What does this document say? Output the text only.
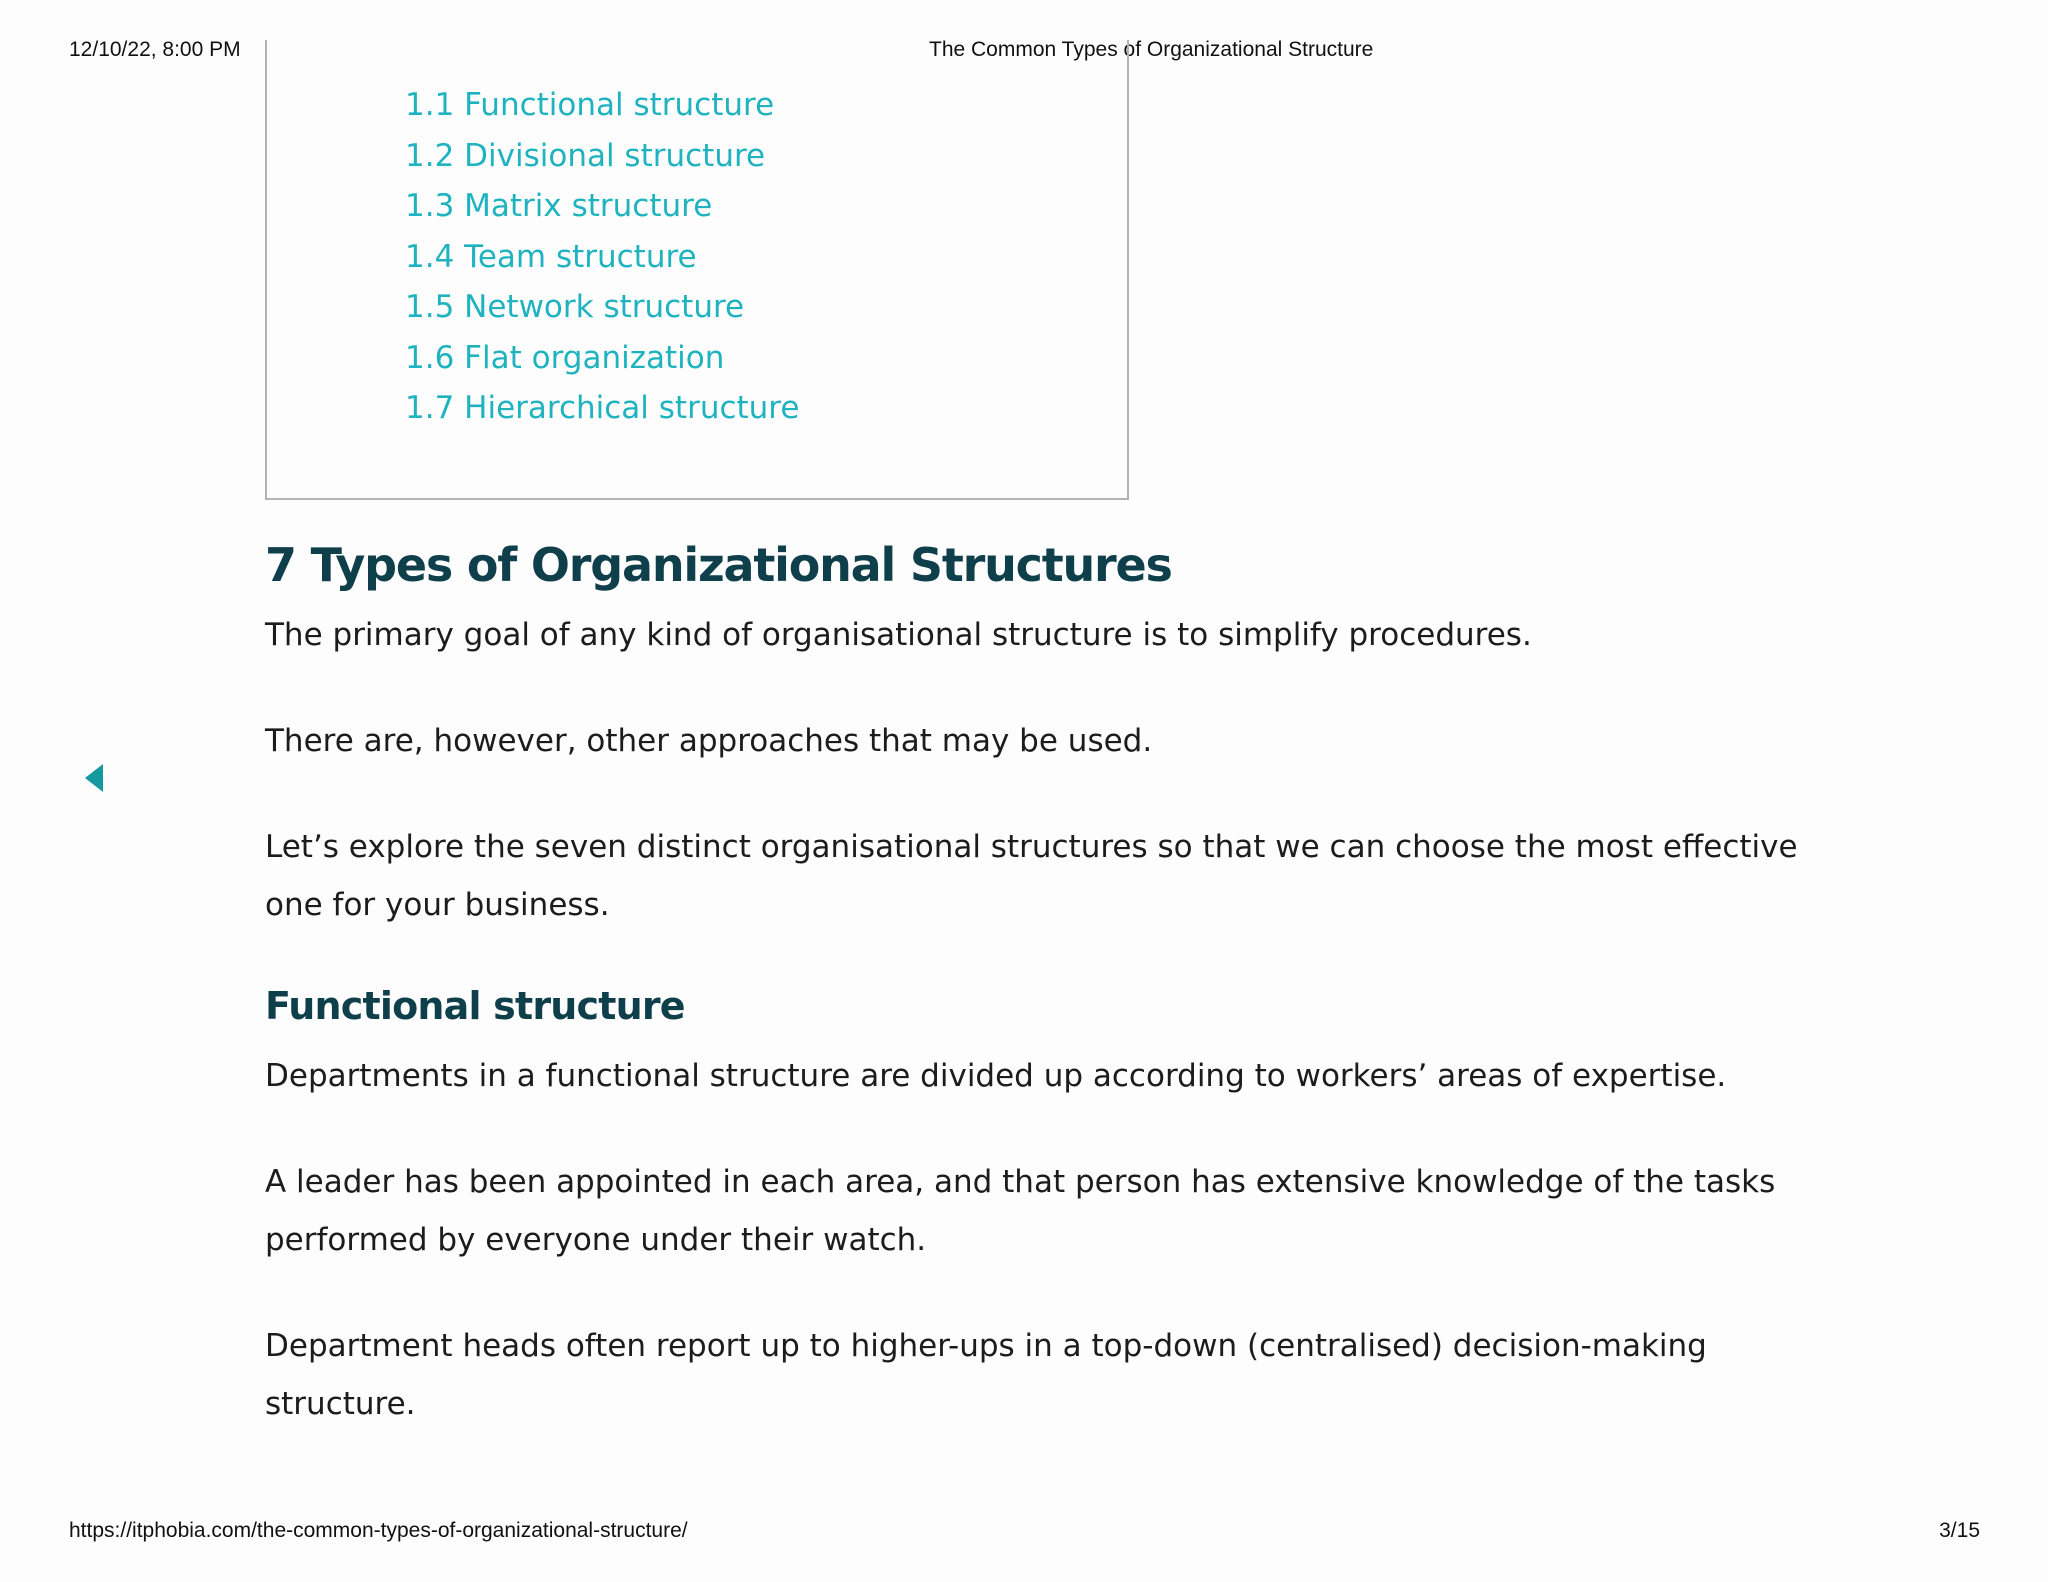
12/10/22, 8:00 PM	The Common Types of Organizational Structure
1.1 Functional structure
1.2 Divisional structure
1.3 Matrix structure
1.4 Team structure
1.5 Network structure
1.6 Flat organization
1.7 Hierarchical structure
7 Types of Organizational Structures

The primary goal of any kind of organisational structure is to simplify procedures.

There are, however, other approaches that may be used.

Let’s explore the seven distinct organisational structures so that we can choose the most effective one for your business.

Functional structure

Departments in a functional structure are divided up according to workers’ areas of expertise.

A leader has been appointed in each area, and that person has extensive knowledge of the tasks performed by everyone under their watch.

Department heads often report up to higher-ups in a top-down (centralised) decision-making structure.

https://itphobia.com/the-common-types-of-organizational-structure/	3/15
